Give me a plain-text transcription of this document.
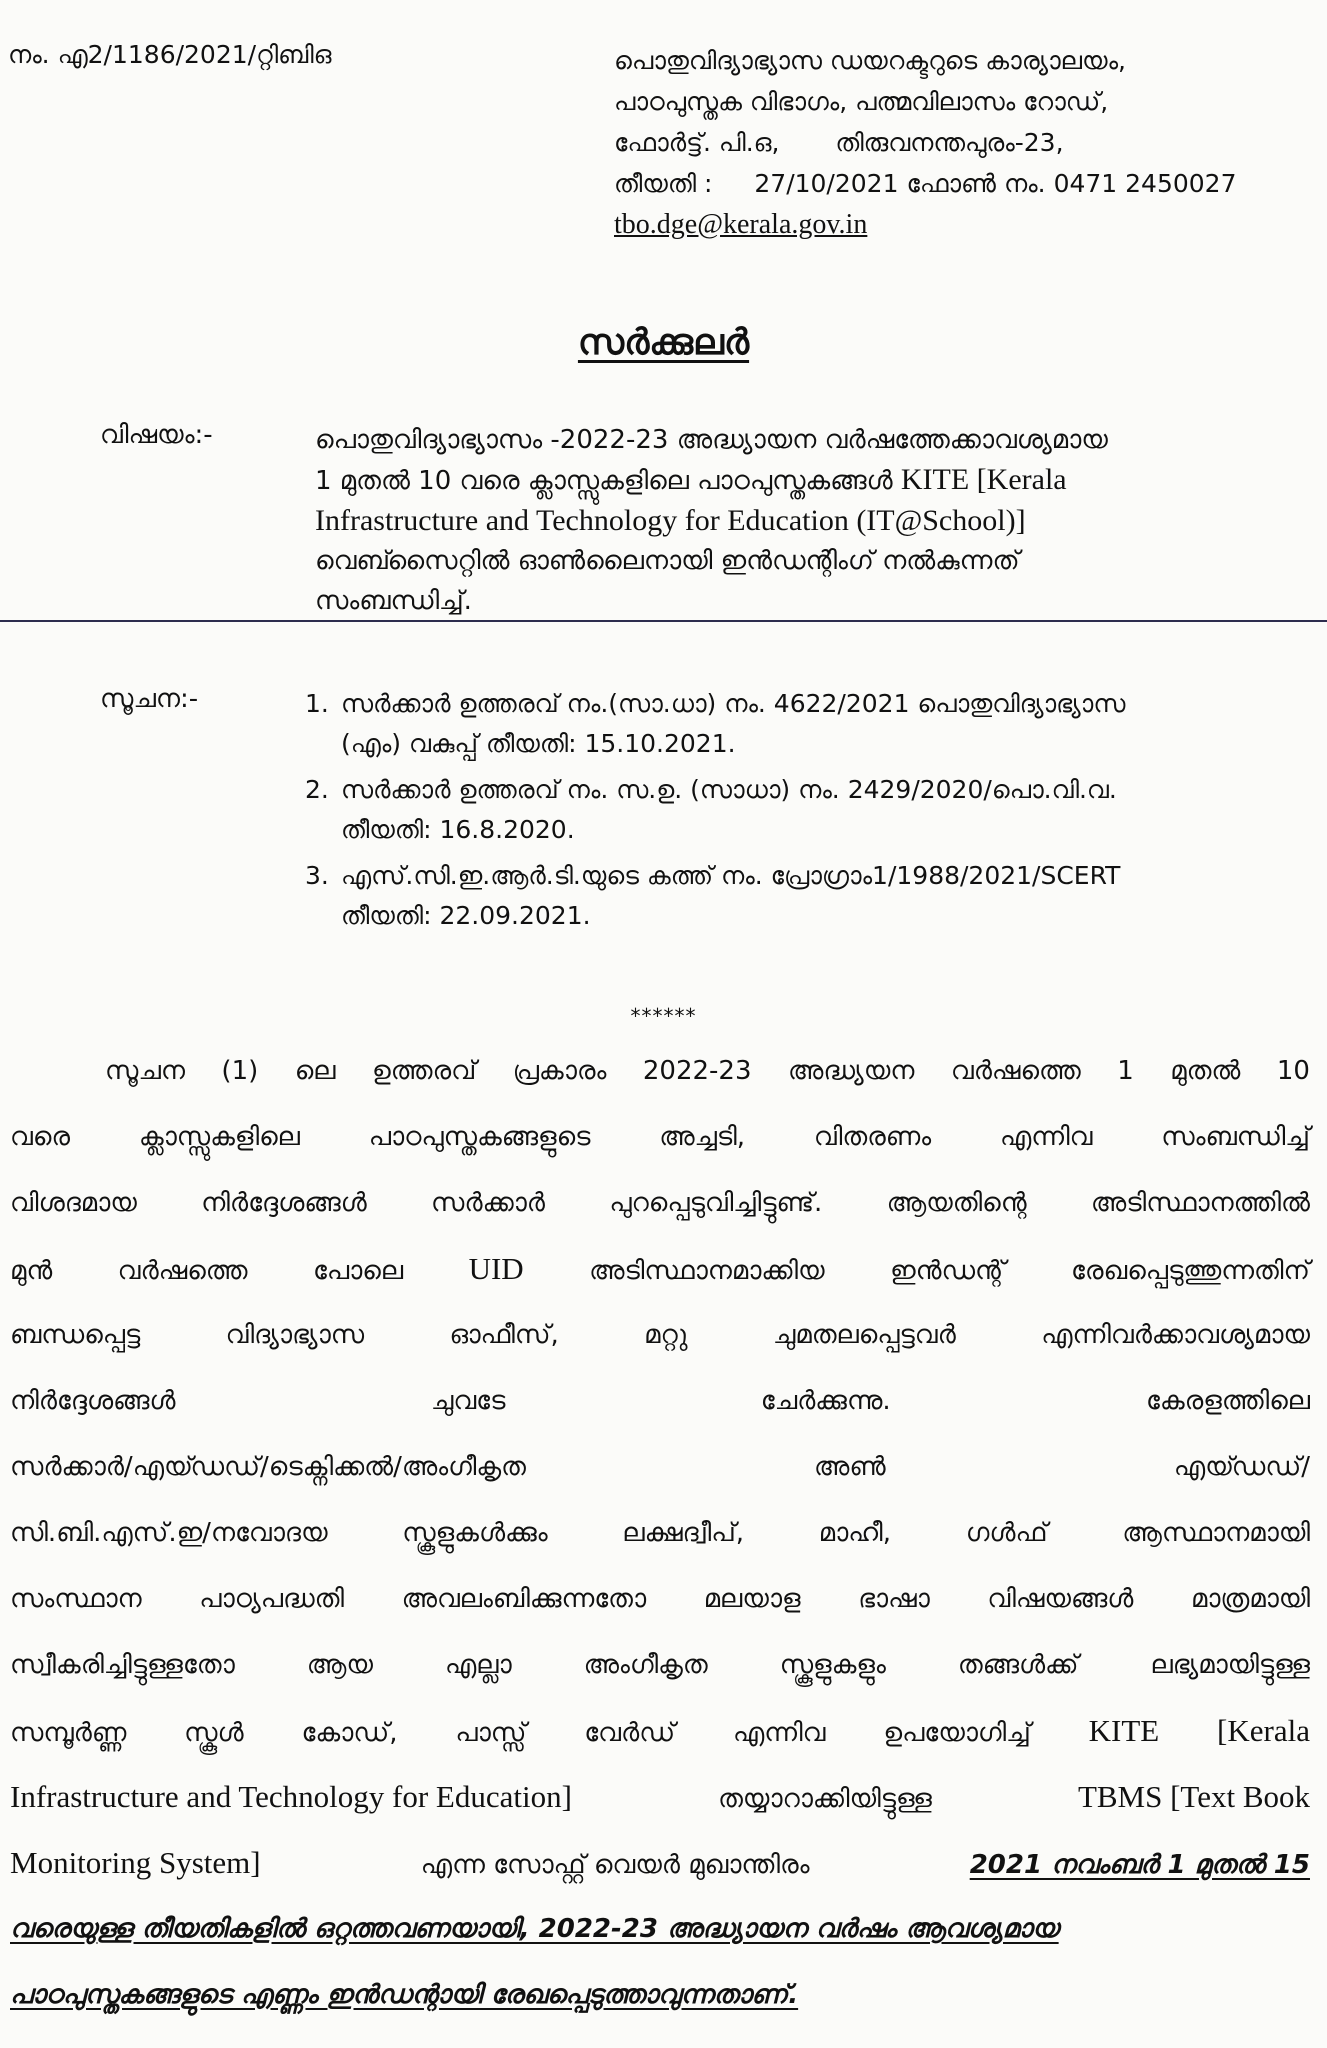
നം. എ2/1186/2021/റ്റിബിഒ	പൊതുവിദ്യാഭ്യാസ ഡയറക്ടറുടെ കാര്യാലയം,
പാഠപുസ്തക വിഭാഗം, പത്മവിലാസം റോഡ്,
ഫോർട്ട്. പി.ഒ, തിരുവനന്തപുരം-23,
തീയതി : 27/10/2021 ഫോൺ നം. 0471 2450027
tbo.dge@kerala.gov.in
സർക്കുലർ
വിഷയം:-	പൊതുവിദ്യാഭ്യാസം -2022-23 അദ്ധ്യായന വർഷത്തേക്കാവശ്യമായ
1 മുതൽ 10 വരെ ക്ലാസ്സുകളിലെ പാഠപുസ്തകങ്ങൾ KITE [Kerala
Infrastructure and Technology for Education (IT@School)]
വെബ്സൈറ്റിൽ ഓൺലൈനായി ഇൻഡന്റിംഗ് നൽകുന്നത്
സംബന്ധിച്ച്.
സൂചന:-	1. സർക്കാർ ഉത്തരവ് നം.(സാ.ധാ) നം. 4622/2021 പൊതുവിദ്യാഭ്യാസ
(എം) വകുപ്പ് തീയതി: 15.10.2021.
2. സർക്കാർ ഉത്തരവ് നം. സ.ഉ. (സാധാ) നം. 2429/2020/പൊ.വി.വ.
തീയതി: 16.8.2020.
3. എസ്.സി.ഇ.ആർ.ടി.യുടെ കത്ത് നം. പ്രോഗ്രാം1/1988/2021/SCERT
തീയതി: 22.09.2021.
******
സൂചന (1) ലെ ഉത്തരവ് പ്രകാരം 2022-23 അദ്ധ്യയന വർഷത്തെ 1 മുതൽ 10
വരെ	ക്ലാസ്സുകളിലെ	പാഠപുസ്തകങ്ങളുടെ	അച്ചടി,	വിതരണം	എന്നിവ	സംബന്ധിച്ച്
വിശദമായ നിർദ്ദേശങ്ങൾ സർക്കാർ പുറപ്പെടുവിച്ചിട്ടുണ്ട്. ആയതിന്റെ അടിസ്ഥാനത്തിൽ
മുൻ	വർഷത്തെ	പോലെ UID	അടിസ്ഥാനമാക്കിയ	ഇൻഡന്റ്	രേഖപ്പെടുത്തുന്നതിന്
ബന്ധപ്പെട്ട	വിദ്യാഭ്യാസ	ഓഫീസ്,	മറ്റു	ചുമതലപ്പെട്ടവർ	എന്നിവർക്കാവശ്യമായ
നിർദ്ദേശങ്ങൾ	ചുവടേ	ചേർക്കുന്നു.	കേരളത്തിലെ
സർക്കാർ/എയ്ഡഡ്/ടെക്നിക്കൽ/അംഗീകൃത	അൺ	എയ്ഡഡ്/
സി.ബി.എസ്.ഇ/നവോദയ	സ്കൂളുകൾക്കും	ലക്ഷദ്വീപ്,	മാഹീ,	ഗൾഫ്	ആസ്ഥാനമായി
സംസ്ഥാന പാഠ്യപദ്ധതി അവലംബിക്കുന്നതോ മലയാള ഭാഷാ വിഷയങ്ങൾ മാത്രമായി
സ്വീകരിച്ചിട്ടുള്ളതോ	ആയ	എല്ലാ	അംഗീകൃത	സ്കൂളുകളും	തങ്ങൾക്ക്	ലഭ്യമായിട്ടുള്ള
സമ്പൂർണ്ണ സ്കൂൾ കോഡ്, പാസ്സ് വേർഡ് എന്നിവ ഉപയോഗിച്ച് KITE [Kerala
Infrastructure and Technology for Education]	തയ്യാറാക്കിയിട്ടുള്ള	TBMS [Text Book
Monitoring System]	എന്ന സോഫ്റ്റ് വെയർ മുഖാന്തിരം	2021 നവംബർ 1 മുതൽ 15
വരെയുള്ള തീയതികളിൽ ഒറ്റത്തവണയായി, 2022-23 അദ്ധ്യായന വർഷം ആവശ്യമായ
പാഠപുസ്തകങ്ങളുടെ എണ്ണം ഇൻഡന്റായി രേഖപ്പെടുത്താവുന്നതാണ്.
